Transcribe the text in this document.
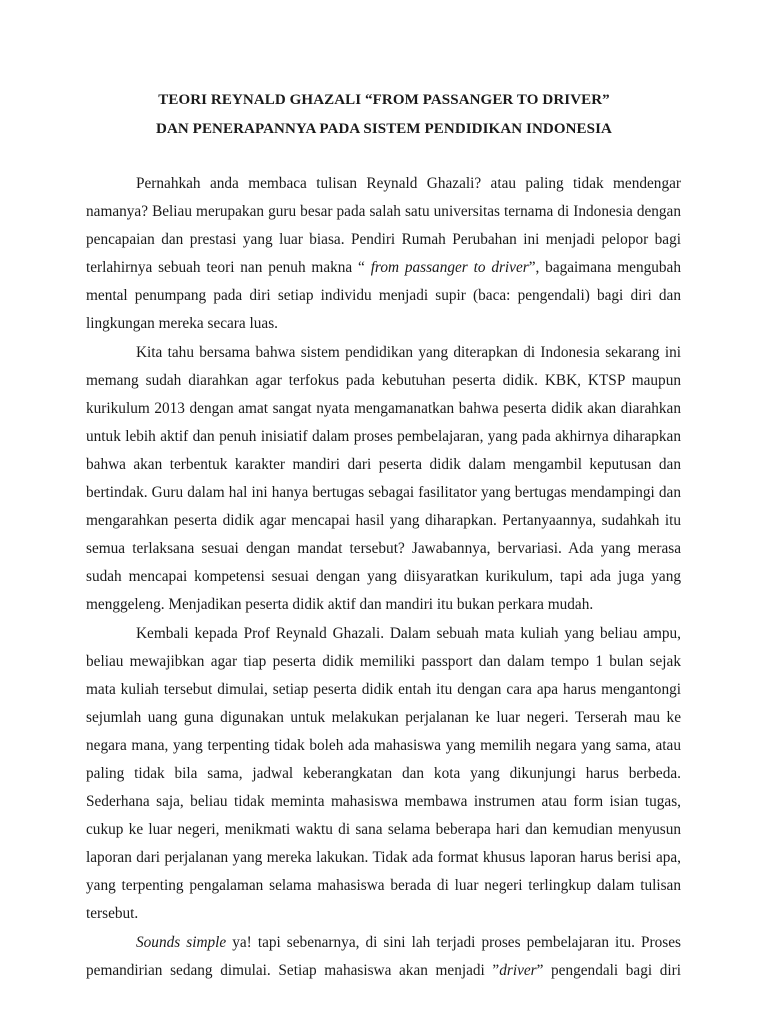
TEORI REYNALD GHAZALI “FROM PASSANGER TO DRIVER”
DAN PENERAPANNYA PADA SISTEM PENDIDIKAN INDONESIA

Pernahkah anda membaca tulisan Reynald Ghazali? atau paling tidak mendengar namanya? Beliau merupakan guru besar pada salah satu universitas ternama di Indonesia dengan pencapaian dan prestasi yang luar biasa. Pendiri Rumah Perubahan ini menjadi pelopor bagi terlahirnya sebuah teori nan penuh makna “ from passanger to driver”, bagaimana mengubah mental penumpang pada diri setiap individu menjadi supir (baca: pengendali) bagi diri dan lingkungan mereka secara luas.

Kita tahu bersama bahwa sistem pendidikan yang diterapkan di Indonesia sekarang ini memang sudah diarahkan agar terfokus pada kebutuhan peserta didik. KBK, KTSP maupun kurikulum 2013 dengan amat sangat nyata mengamanatkan bahwa peserta didik akan diarahkan untuk lebih aktif dan penuh inisiatif dalam proses pembelajaran, yang pada akhirnya diharapkan bahwa akan terbentuk karakter mandiri dari peserta didik dalam mengambil keputusan dan bertindak. Guru dalam hal ini hanya bertugas sebagai fasilitator yang bertugas mendampingi dan mengarahkan peserta didik agar mencapai hasil yang diharapkan. Pertanyaannya, sudahkah itu semua terlaksana sesuai dengan mandat tersebut? Jawabannya, bervariasi. Ada yang merasa sudah mencapai kompetensi sesuai dengan yang diisyaratkan kurikulum, tapi ada juga yang menggeleng. Menjadikan peserta didik aktif dan mandiri itu bukan perkara mudah.

Kembali kepada Prof Reynald Ghazali. Dalam sebuah mata kuliah yang beliau ampu, beliau mewajibkan agar tiap peserta didik memiliki passport dan dalam tempo 1 bulan sejak mata kuliah tersebut dimulai, setiap peserta didik entah itu dengan cara apa harus mengantongi sejumlah uang guna digunakan untuk melakukan perjalanan ke luar negeri. Terserah mau ke negara mana, yang terpenting tidak boleh ada mahasiswa yang memilih negara yang sama, atau paling tidak bila sama, jadwal keberangkatan dan kota yang dikunjungi harus berbeda. Sederhana saja, beliau tidak meminta mahasiswa membawa instrumen atau form isian tugas, cukup ke luar negeri, menikmati waktu di sana selama beberapa hari dan kemudian menyusun laporan dari perjalanan yang mereka lakukan. Tidak ada format khusus laporan harus berisi apa, yang terpenting pengalaman selama mahasiswa berada di luar negeri terlingkup dalam tulisan tersebut.

Sounds simple ya! tapi sebenarnya, di sini lah terjadi proses pembelajaran itu. Proses pemandirian sedang dimulai. Setiap mahasiswa akan menjadi ”driver” pengendali bagi diri
